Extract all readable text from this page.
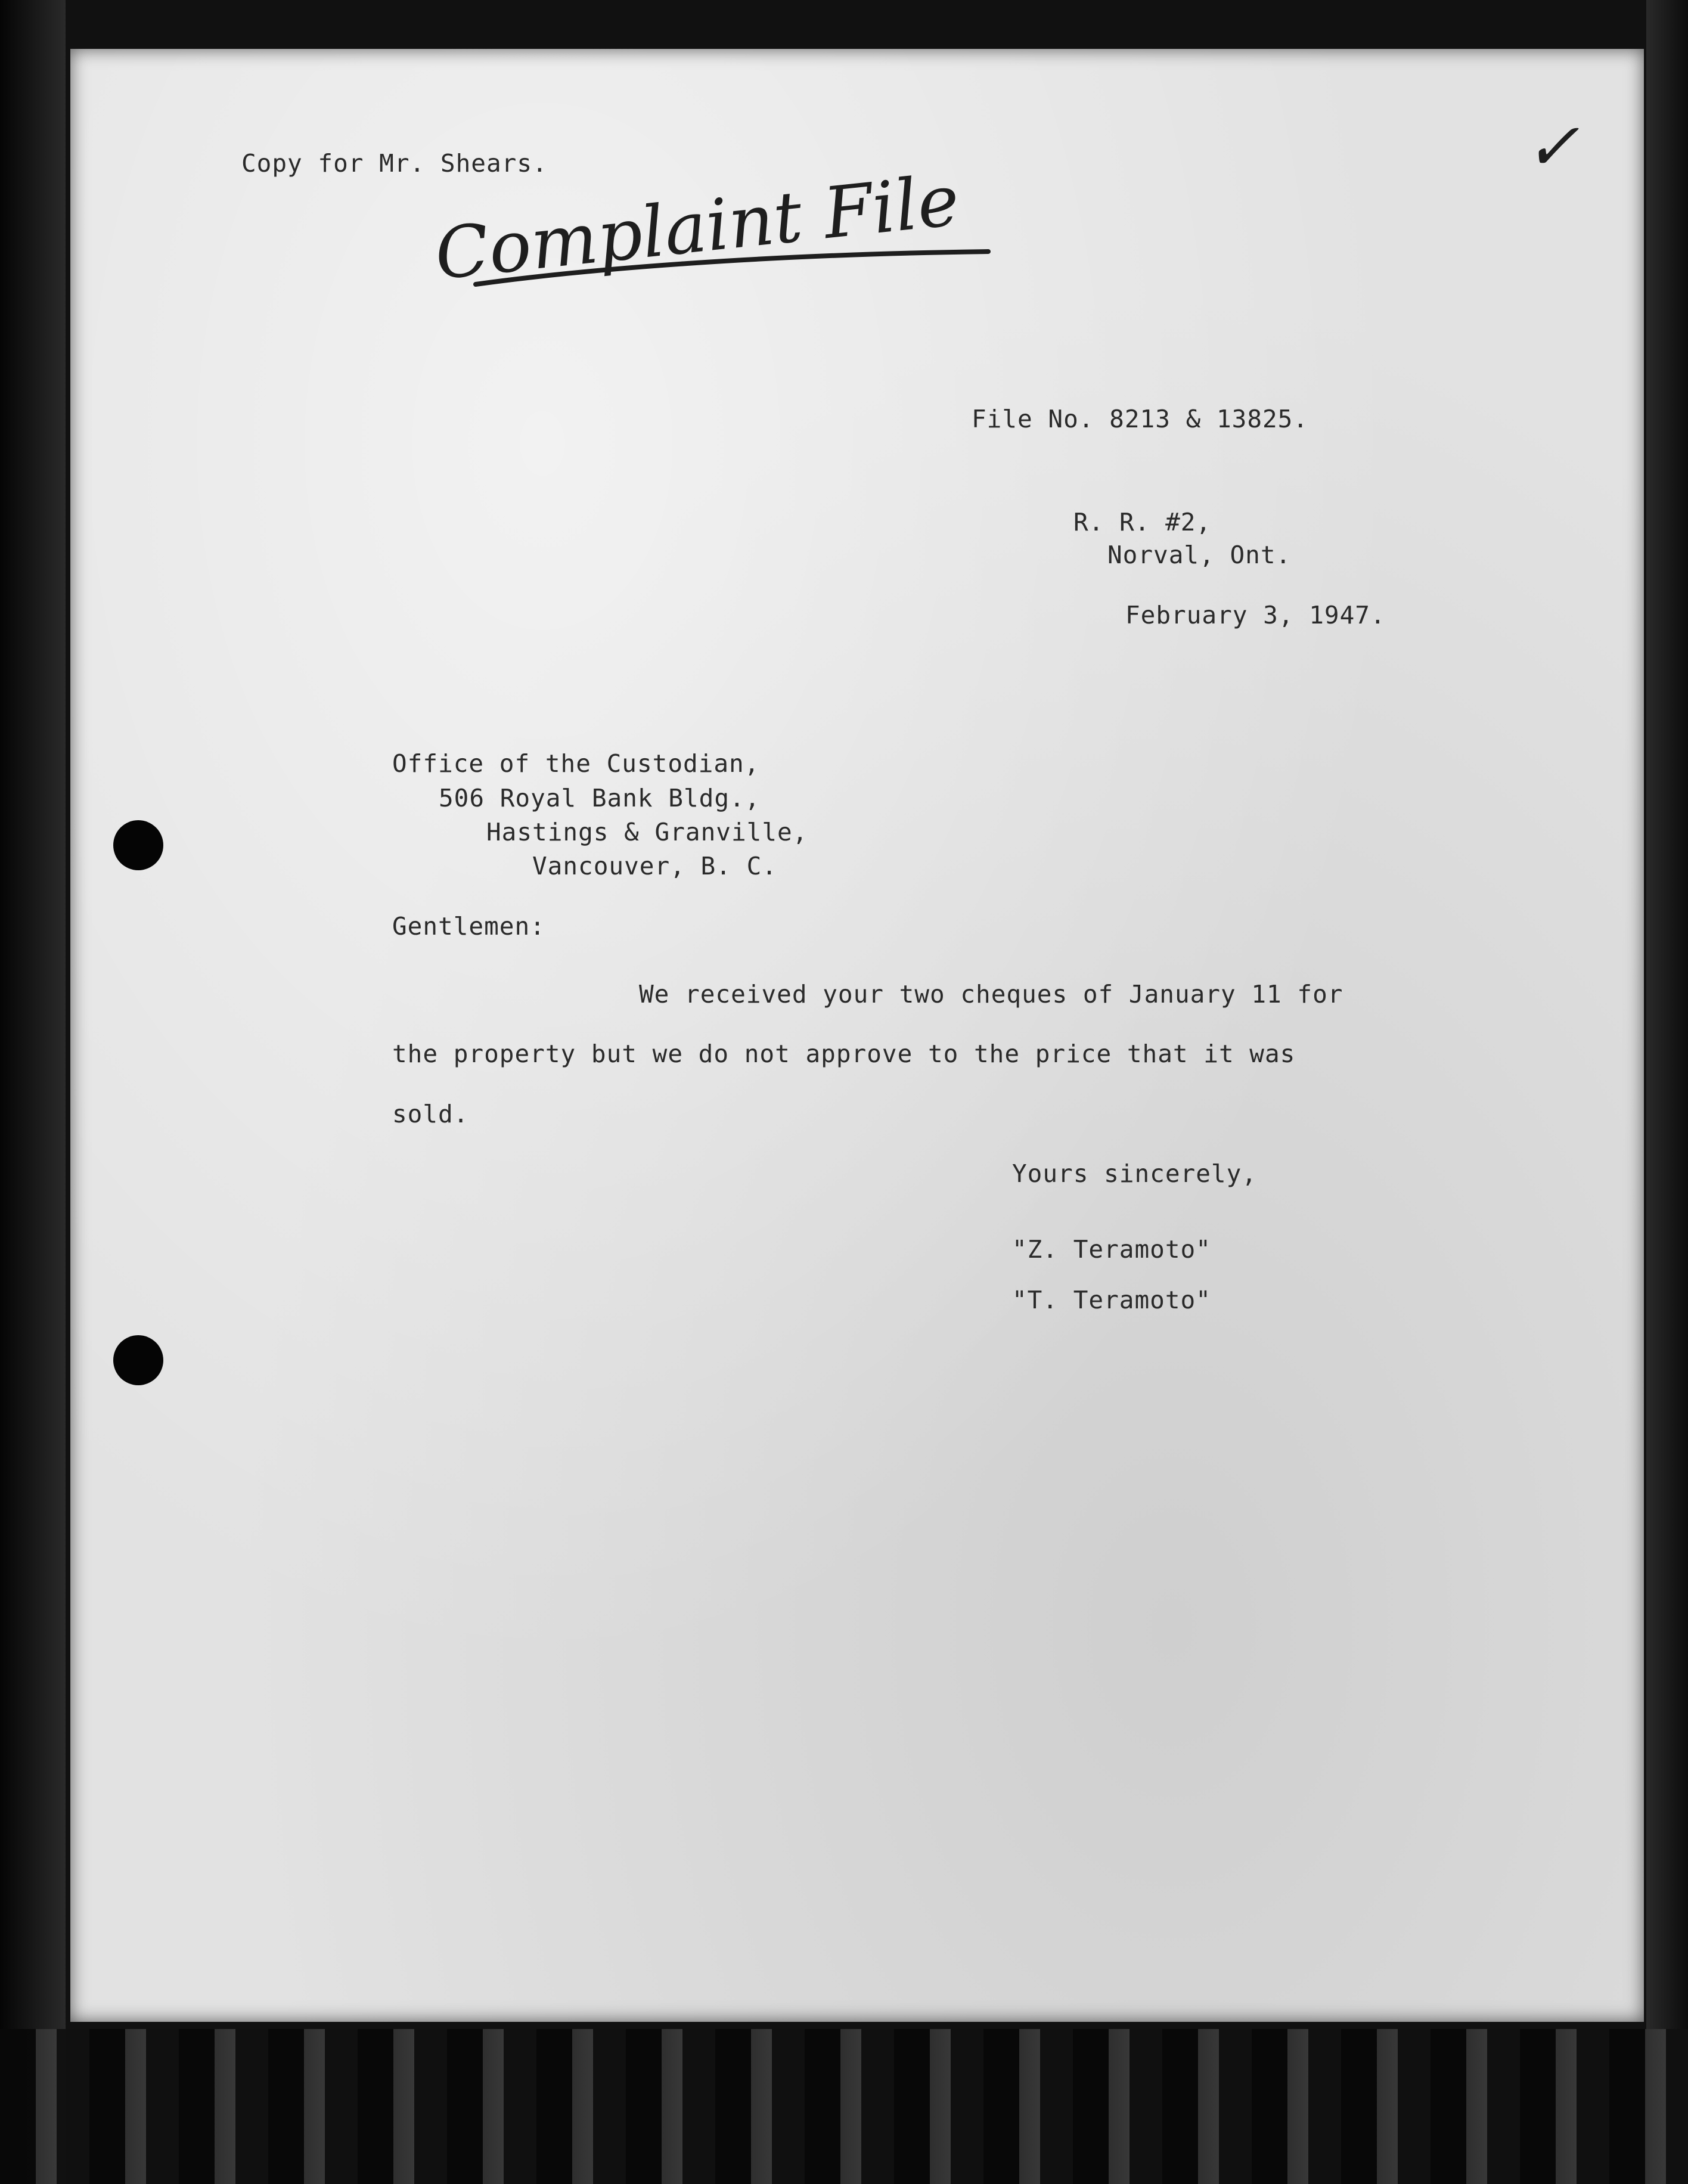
Copy for Mr. Shears.
Complaint File
✓
File No. 8213 & 13825.
R. R. #2,
Norval, Ont.
February 3, 1947.
Office of the Custodian,
506 Royal Bank Bldg.,
Hastings & Granville,
Vancouver, B. C.
Gentlemen:
We received your two cheques of January 11 for
the property but we do not approve to the price that it was
sold.
Yours sincerely,
"Z. Teramoto"
"T. Teramoto"
